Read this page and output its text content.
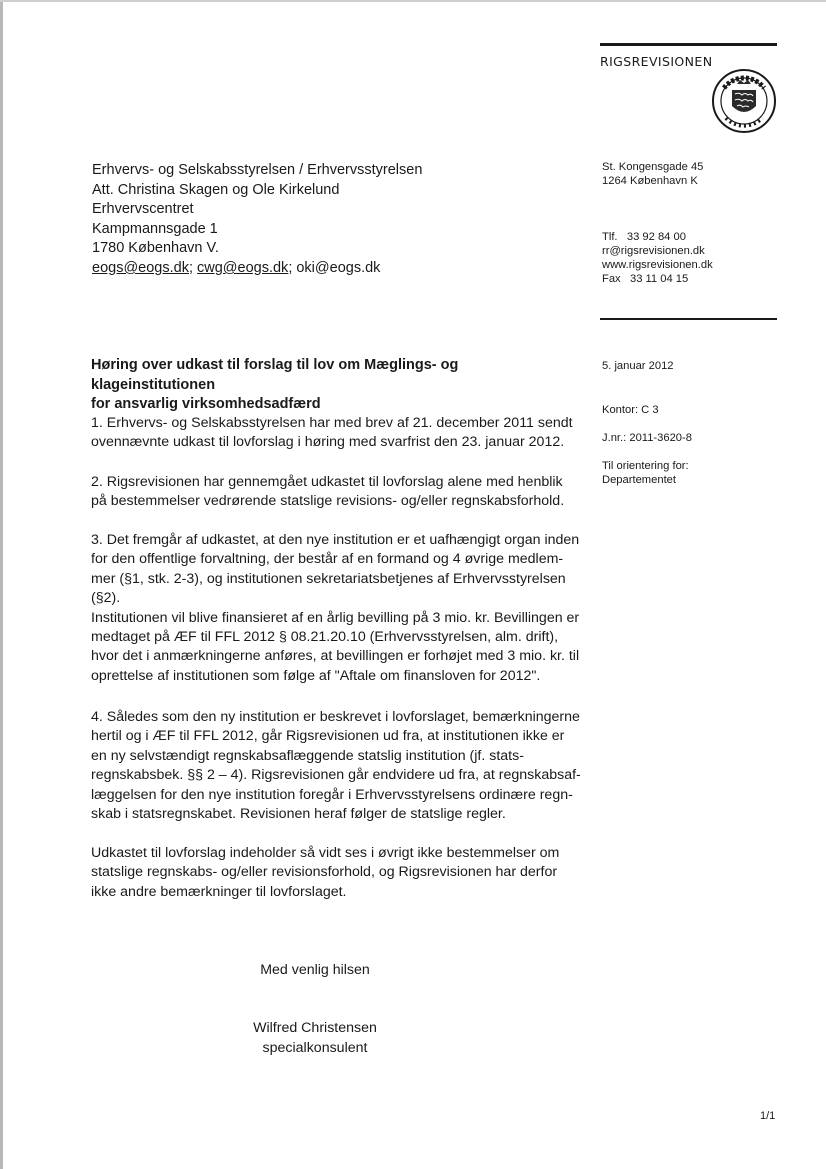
RIGSREVISIONEN
Erhvervs- og Selskabsstyrelsen / Erhvervsstyrelsen
Att. Christina Skagen og Ole Kirkelund
Erhvervscentret
Kampmannsgade 1
1780 København V.
eogs@eogs.dk; cwg@eogs.dk; oki@eogs.dk
St. Kongensgade 45
1264 København K

Tlf.   33 92 84 00

Fax   33 11 04 15

rr@rigsrevisionen.dk
www.rigsrevisionen.dk
5. januar 2012
Kontor: C 3
J.nr.: 2011-3620-8
Til orientering for:
Departementet
Høring over udkast til forslag til lov om Mæglings- og klageinstitutionen
for ansvarlig virksomhedsadfærd

1. Erhvervs- og Selskabsstyrelsen har med brev af 21. december 2011 sendt

ovennævnte udkast til lovforslag i høring med svarfrist den 23. januar 2012.

2. Rigsrevisionen har gennemgået udkastet til lovforslag alene med henblik

på bestemmelser vedrørende statslige revisions- og/eller regnskabsforhold.

3. Det fremgår af udkastet, at den nye institution er et uafhængigt organ inden

for den offentlige forvaltning, der består af en formand og 4 øvrige medlem-

mer (§1, stk. 2-3), og institutionen sekretariatsbetjenes af Erhvervsstyrelsen

(§2).

Institutionen vil blive finansieret af en årlig bevilling på 3 mio. kr. Bevillingen er

medtaget på ÆF til FFL 2012 § 08.21.20.10 (Erhvervsstyrelsen, alm. drift),

hvor det i anmærkningerne anføres, at bevillingen er forhøjet med 3 mio. kr. til

oprettelse af institutionen som følge af "Aftale om finansloven for 2012".

4. Således som den ny institution er beskrevet i lovforslaget, bemærkningerne

hertil og i ÆF til FFL 2012, går Rigsrevisionen ud fra, at institutionen ikke er

en ny selvstændigt regnskabsaflæggende statslig institution (jf. stats-

regnskabsbek. §§ 2 – 4). Rigsrevisionen går endvidere ud fra, at regnskabsaf-

læggelsen for den nye institution foregår i Erhvervsstyrelsens ordinære regn-

skab i statsregnskabet. Revisionen heraf følger de statslige regler.

Udkastet til lovforslag indeholder så vidt ses i øvrigt ikke bestemmelser om

statslige regnskabs- og/eller revisionsforhold, og Rigsrevisionen har derfor

ikke andre bemærkninger til lovforslaget.

Med venlig hilsen
Wilfred Christensen
specialkonsulent
1/1
